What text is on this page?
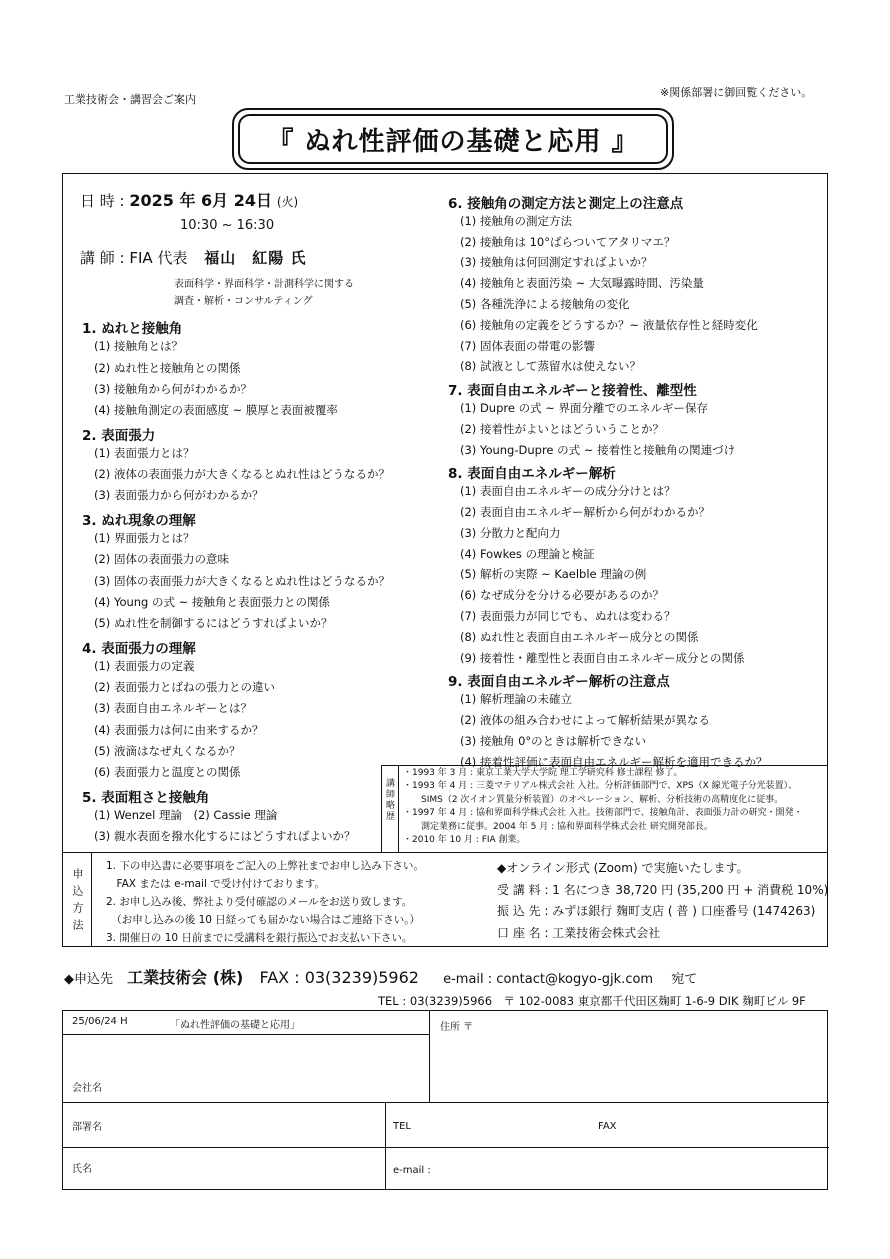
工業技術会・講習会ご案内
※関係部署に御回覧ください。
『 ぬれ性評価の基礎と応用 』
日 時 : 2025 年 6月 24日 (火)
10:30 ~ 16:30
講 師 : FIA 代表 福山　紅陽 氏
表面科学・界面科学・計測科学に関する
調査・解析・コンサルティング
1. ぬれと接触角
(1) 接触角とは？
(2) ぬれ性と接触角との関係
(3) 接触角から何がわかるか？
(4) 接触角測定の表面感度 ~ 膜厚と表面被覆率
2. 表面張力
(1) 表面張力とは？
(2) 液体の表面張力が大きくなるとぬれ性はどうなるか？
(3) 表面張力から何がわかるか？
3. ぬれ現象の理解
(1) 界面張力とは？
(2) 固体の表面張力の意味
(3) 固体の表面張力が大きくなるとぬれ性はどうなるか？
(4) Young の式 ~ 接触角と表面張力との関係
(5) ぬれ性を制御するにはどうすればよいか？
4. 表面張力の理解
(1) 表面張力の定義
(2) 表面張力とばねの張力との違い
(3) 表面自由エネルギーとは？
(4) 表面張力は何に由来するか？
(5) 液滴はなぜ丸くなるか？
(6) 表面張力と温度との関係
5. 表面粗さと接触角
(1) Wenzel 理論　(2) Cassie 理論
(3) 親水表面を撥水化するにはどうすればよいか？
6. 接触角の測定方法と測定上の注意点
(1) 接触角の測定方法
(2) 接触角は 10°ばらついてアタリマエ？
(3) 接触角は何回測定すればよいか？
(4) 接触角と表面汚染 ~ 大気曝露時間、汚染量
(5) 各種洗浄による接触角の変化
(6) 接触角の定義をどうするか？~ 液量依存性と経時変化
(7) 固体表面の帯電の影響
(8) 試液として蒸留水は使えない？
7. 表面自由エネルギーと接着性、離型性
(1) Dupre の式 ~ 界面分離でのエネルギー保存
(2) 接着性がよいとはどういうことか？
(3) Young-Dupre の式 ~ 接着性と接触角の関連づけ
8. 表面自由エネルギー解析
(1) 表面自由エネルギーの成分分けとは？
(2) 表面自由エネルギー解析から何がわかるか？
(3) 分散力と配向力
(4) Fowkes の理論と検証
(5) 解析の実際 ~ Kaelble 理論の例
(6) なぜ成分を分ける必要があるのか？
(7) 表面張力が同じでも、ぬれは変わる？
(8) ぬれ性と表面自由エネルギー成分との関係
(9) 接着性・離型性と表面自由エネルギー成分との関係
9. 表面自由エネルギー解析の注意点
(1) 解析理論の未確立
(2) 液体の組み合わせによって解析結果が異なる
(3) 接触角 0°のときは解析できない
(4) 接着性評価に表面自由エネルギー解析を適用できるか？
講師略歴
・1993 年 3 月 : 東京工業大学大学院 理工学研究科 修士課程 修了。
・1993 年 4 月 : 三菱マテリアル株式会社 入社。分析評価部門で、XPS（X 線光電子分光装置）、
　　SIMS（2 次イオン質量分析装置）のオペレーション、解析、分析技術の高精度化に従事。
・1997 年 4 月 : 協和界面科学株式会社 入社。技術部門で、接触角計、表面張力計の研究・開発・
　　測定業務に従事。2004 年 5 月 : 協和界面科学株式会社 研究開発部長。
・2010 年 10 月 : FIA 創業。
申込方法
1. 下の申込書に必要事項をご記入の上弊社までお申し込み下さい。
　FAX または e-mail で受け付けております。
2. お申し込み後、弊社より受付確認のメールをお送り致します。
　（お申し込みの後 10 日経っても届かない場合はご連絡下さい。）
3. 開催日の 10 日前までに受講料を銀行振込でお支払い下さい。
◆オンライン形式 (Zoom) で実施いたします。
受 講 料 : 1 名につき 38,720 円 (35,200 円 + 消費税 10%)
振 込 先 : みずほ銀行 麹町支店 ( 普 ) 口座番号 (1474263)
口 座 名 : 工業技術会株式会社
◆申込先 工業技術会 (株) FAX : 03(3239)5962 e-mail : contact@kogyo-gjk.com 宛て
TEL : 03(3239)5966　〒 102-0083 東京都千代田区麹町 1-6-9 DIK 麹町ビル 9F
25/06/24 H	「ぬれ性評価の基礎と応用」	住所 〒
会社名
部署名	TEL	FAX
氏名	e-mail :
